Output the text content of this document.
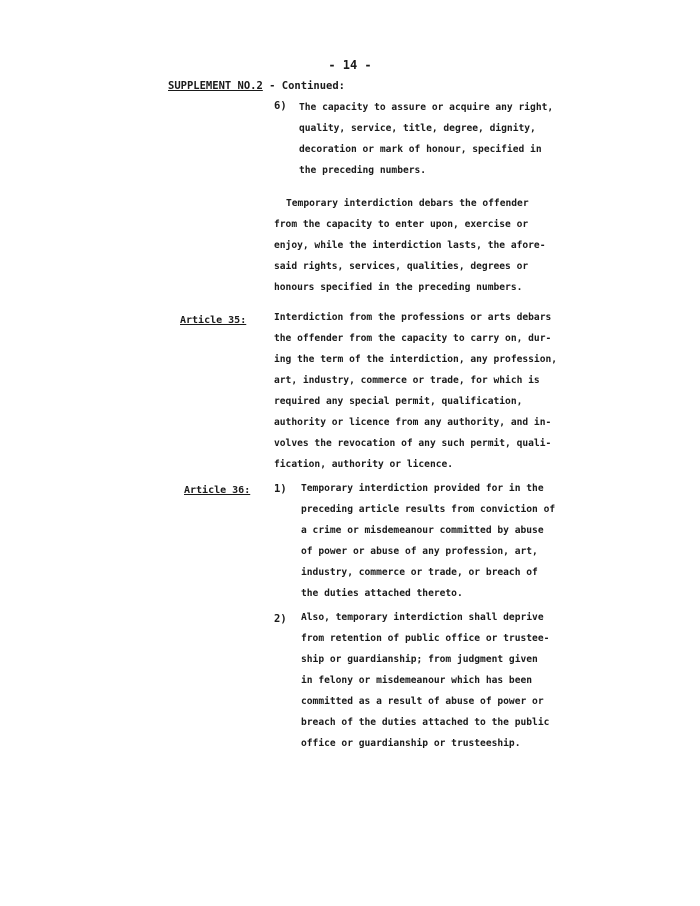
- 14 -
SUPPLEMENT NO.2 - Continued:
6) The capacity to assure or acquire any right,
quality, service, title, degree, dignity,
decoration or mark of honour, specified in
the preceding numbers.
Temporary interdiction debars the offender
from the capacity to enter upon, exercise or
enjoy, while the interdiction lasts, the afore-
said rights, services, qualities, degrees or
honours specified in the preceding numbers.
Article 35:	Interdiction from the professions or arts debars
the offender from the capacity to carry on, dur-
ing the term of the interdiction, any profession,
art, industry, commerce or trade, for which is
required any special permit, qualification,
authority or licence from any authority, and in-
volves the revocation of any such permit, quali-
fication, authority or licence.
Article 36: 1) Temporary interdiction provided for in the
preceding article results from conviction of
a crime or misdemeanour committed by abuse
of power or abuse of any profession, art,
industry, commerce or trade, or breach of
the duties attached thereto.
2) Also, temporary interdiction shall deprive
from retention of public office or trustee-
ship or guardianship; from judgment given
in felony or misdemeanour which has been
committed as a result of abuse of power or
breach of the duties attached to the public
office or guardianship or trusteeship.
